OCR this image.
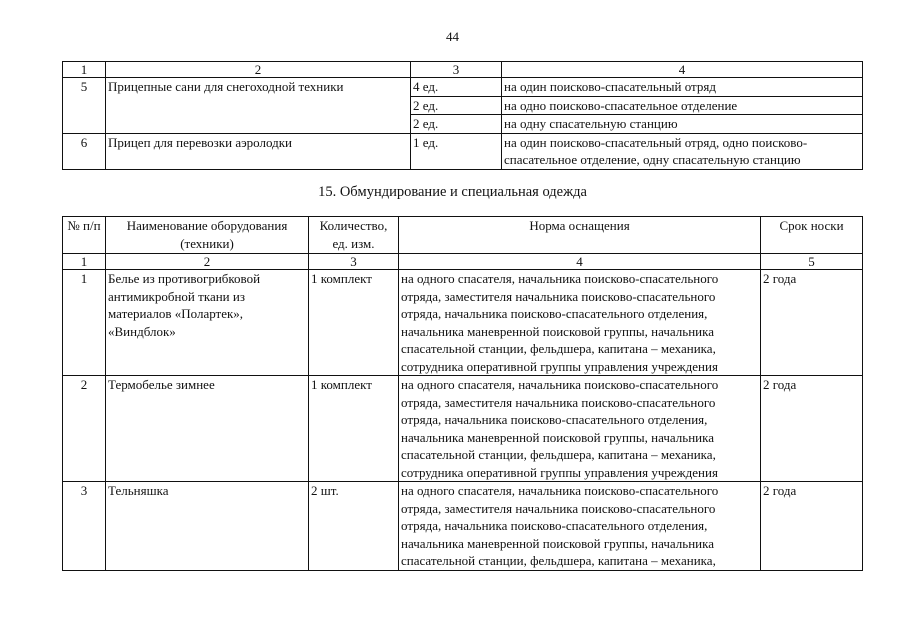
44
1	2	3	4
5	Прицепные сани для снегоходной техники	4 ед.	на один поисково-спасательный отряд
		2 ед.	на одно поисково-спасательное отделение
		2 ед.	на одну спасательную станцию
6	Прицеп для перевозки аэролодки	1 ед.	на один поисково-спасательный отряд, одно поисково-спасательное отделение, одну спасательную станцию
15. Обмундирование и специальная одежда
№ п/п	Наименование оборудования (техники)	Количество, ед. изм.	Норма оснащения	Срок носки
1	2	3	4	5
1	Белье из противогрибковой антимикробной ткани из материалов «Полартек», «Виндблок»	1 комплект	на одного спасателя, начальника поисково-спасательного отряда, заместителя начальника поисково-спасательного отряда, начальника поисково-спасательного отделения, начальника маневренной поисковой группы, начальника спасательной станции, фельдшера, капитана – механика, сотрудника оперативной группы управления учреждения	2 года
2	Термобелье зимнее	1 комплект	на одного спасателя, начальника поисково-спасательного отряда, заместителя начальника поисково-спасательного отряда, начальника поисково-спасательного отделения, начальника маневренной поисковой группы, начальника спасательной станции, фельдшера, капитана – механика, сотрудника оперативной группы управления учреждения	2 года
3	Тельняшка	2 шт.	на одного спасателя, начальника поисково-спасательного отряда, заместителя начальника поисково-спасательного отряда, начальника поисково-спасательного отделения, начальника маневренной поисковой группы, начальника спасательной станции, фельдшера, капитана – механика,	2 года
